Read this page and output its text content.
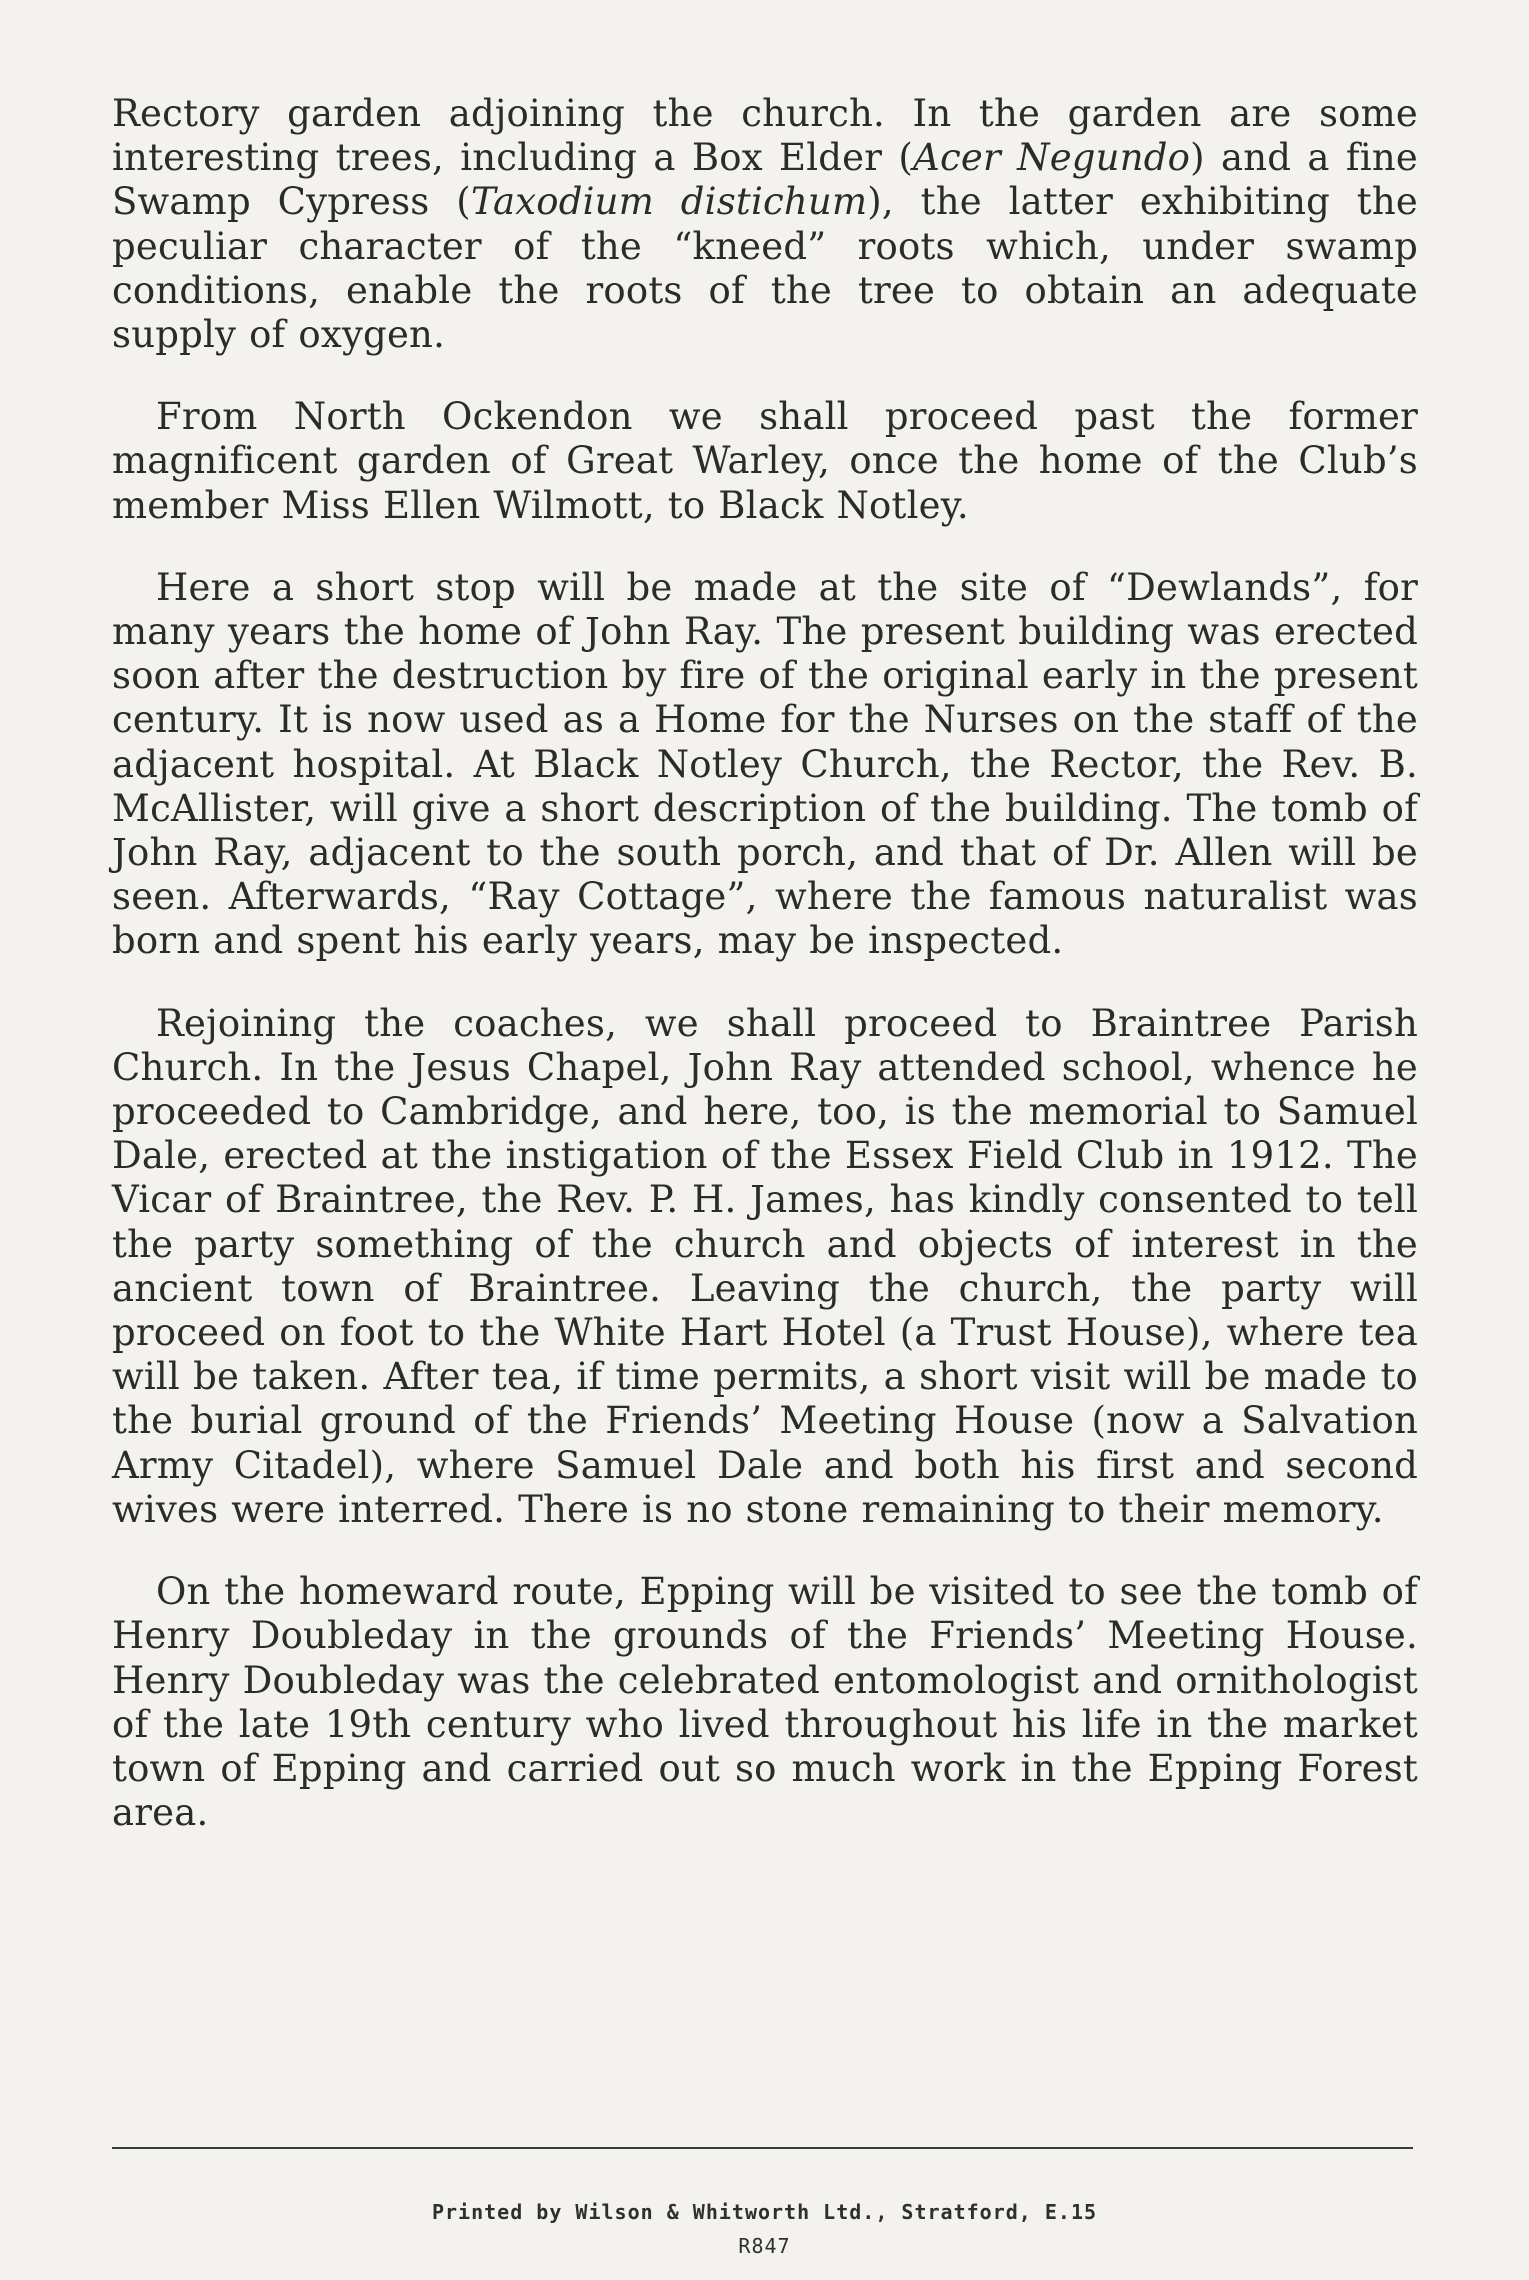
Rectory garden adjoining the church. In the garden are some interesting trees, including a Box Elder (Acer Negundo) and a fine Swamp Cypress (Taxodium distichum), the latter exhibiting the peculiar character of the “kneed” roots which, under swamp conditions, enable the roots of the tree to obtain an adequate supply of oxygen.

From North Ockendon we shall proceed past the former magnificent garden of Great Warley, once the home of the Club’s member Miss Ellen Wilmott, to Black Notley.

Here a short stop will be made at the site of “Dewlands”, for many years the home of John Ray. The present building was erected soon after the destruction by fire of the original early in the present century. It is now used as a Home for the Nurses on the staff of the adjacent hospital. At Black Notley Church, the Rector, the Rev. B. McAllister, will give a short description of the building. The tomb of John Ray, adjacent to the south porch, and that of Dr. Allen will be seen. Afterwards, “Ray Cottage”, where the famous naturalist was born and spent his early years, may be inspected.

Rejoining the coaches, we shall proceed to Braintree Parish Church. In the Jesus Chapel, John Ray attended school, whence he proceeded to Cambridge, and here, too, is the memorial to Samuel Dale, erected at the instigation of the Essex Field Club in 1912. The Vicar of Braintree, the Rev. P. H. James, has kindly consented to tell the party something of the church and objects of interest in the ancient town of Braintree. Leaving the church, the party will proceed on foot to the White Hart Hotel (a Trust House), where tea will be taken. After tea, if time permits, a short visit will be made to the burial ground of the Friends’ Meeting House (now a Salvation Army Citadel), where Samuel Dale and both his first and second wives were interred. There is no stone remaining to their memory.

On the homeward route, Epping will be visited to see the tomb of Henry Doubleday in the grounds of the Friends’ Meeting House. Henry Doubleday was the celebrated entomologist and ornithologist of the late 19th century who lived throughout his life in the market town of Epping and carried out so much work in the Epping Forest area.

Printed by Wilson & Whitworth Ltd., Stratford, E.15
R847
